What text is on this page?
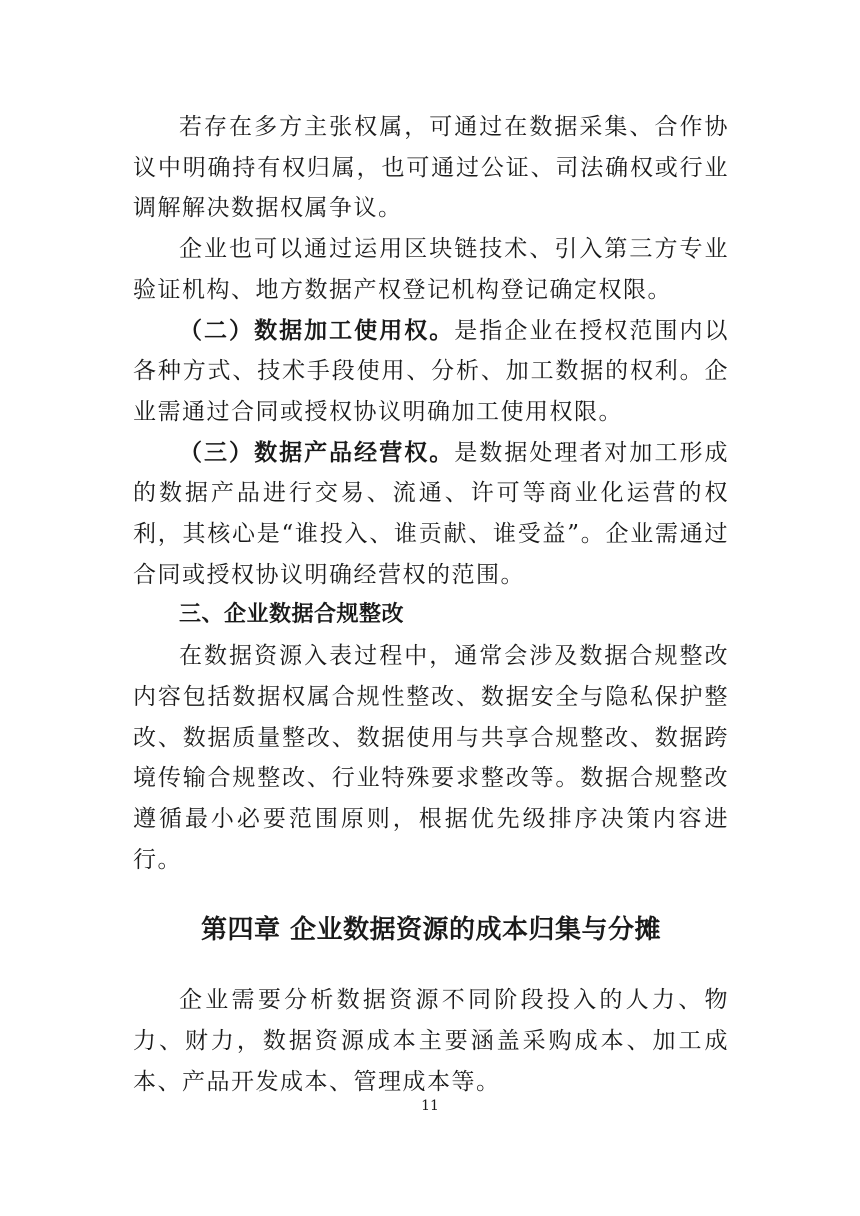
若存在多方主张权属，可通过在数据采集、合作协议中明确持有权归属，也可通过公证、司法确权或行业调解解决数据权属争议。

企业也可以通过运用区块链技术、引入第三方专业验证机构、地方数据产权登记机构登记确定权限。

（二）数据加工使用权。是指企业在授权范围内以各种方式、技术手段使用、分析、加工数据的权利。企业需通过合同或授权协议明确加工使用权限。

（三）数据产品经营权。是数据处理者对加工形成的数据产品进行交易、流通、许可等商业化运营的权利，其核心是“谁投入、谁贡献、谁受益”。企业需通过合同或授权协议明确经营权的范围。

三、企业数据合规整改

在数据资源入表过程中，通常会涉及数据合规整改内容包括数据权属合规性整改、数据安全与隐私保护整改、数据质量整改、数据使用与共享合规整改、数据跨境传输合规整改、行业特殊要求整改等。数据合规整改遵循最小必要范围原则，根据优先级排序决策内容进行。

第四章 企业数据资源的成本归集与分摊

企业需要分析数据资源不同阶段投入的人力、物力、财力，数据资源成本主要涵盖采购成本、加工成本、产品开发成本、管理成本等。

11
